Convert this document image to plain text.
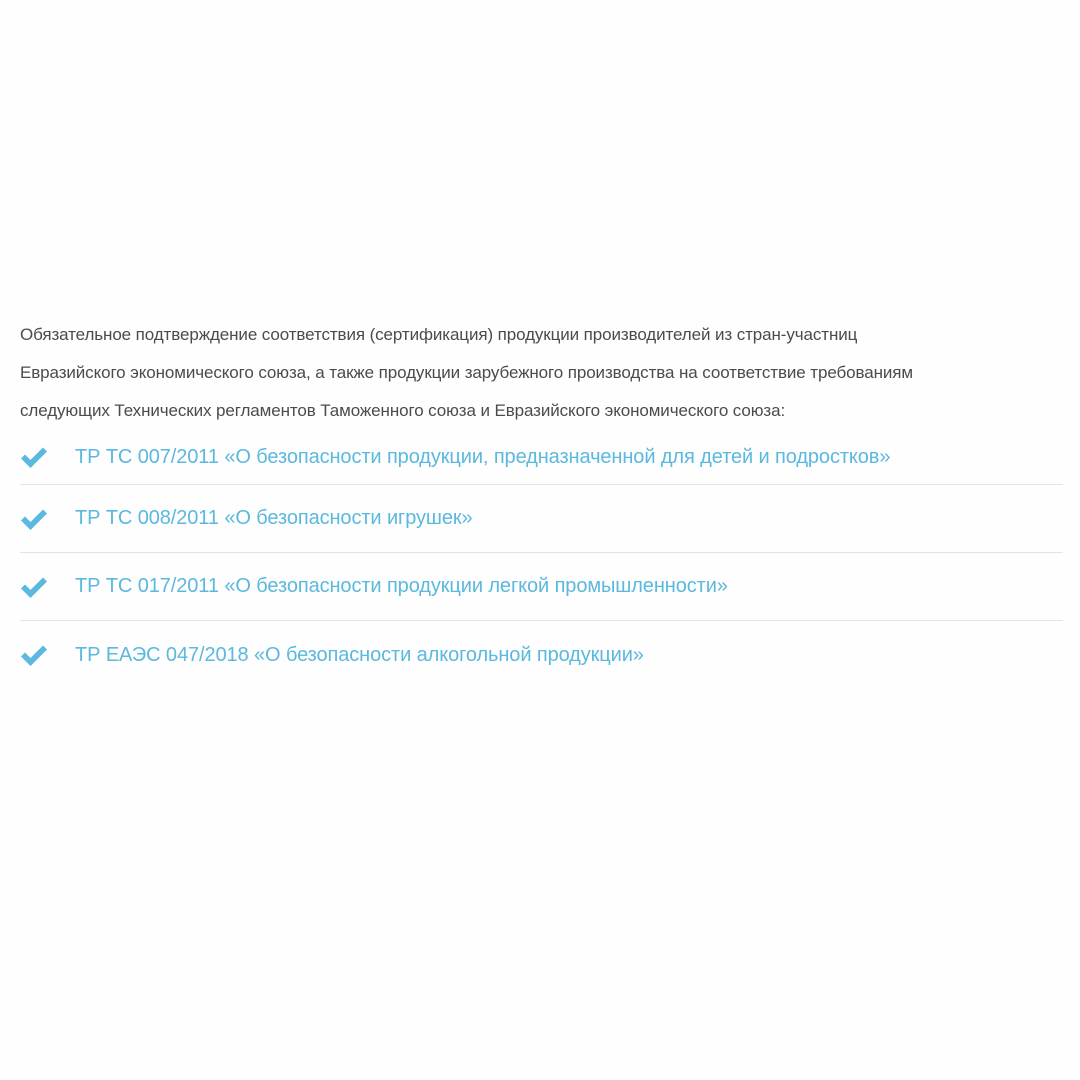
Обязательное подтверждение соответствия (сертификация) продукции производителей из стран-участниц
Евразийского экономического союза, а также продукции зарубежного производства на соответствие требованиям
следующих Технических регламентов Таможенного союза и Евразийского экономического союза:

ТР ТС 007/2011 «О безопасности продукции, предназначенной для детей и подростков»
ТР ТС 008/2011 «О безопасности игрушек»
ТР ТС 017/2011 «О безопасности продукции легкой промышленности»
ТР ЕАЭС 047/2018 «О безопасности алкогольной продукции»
